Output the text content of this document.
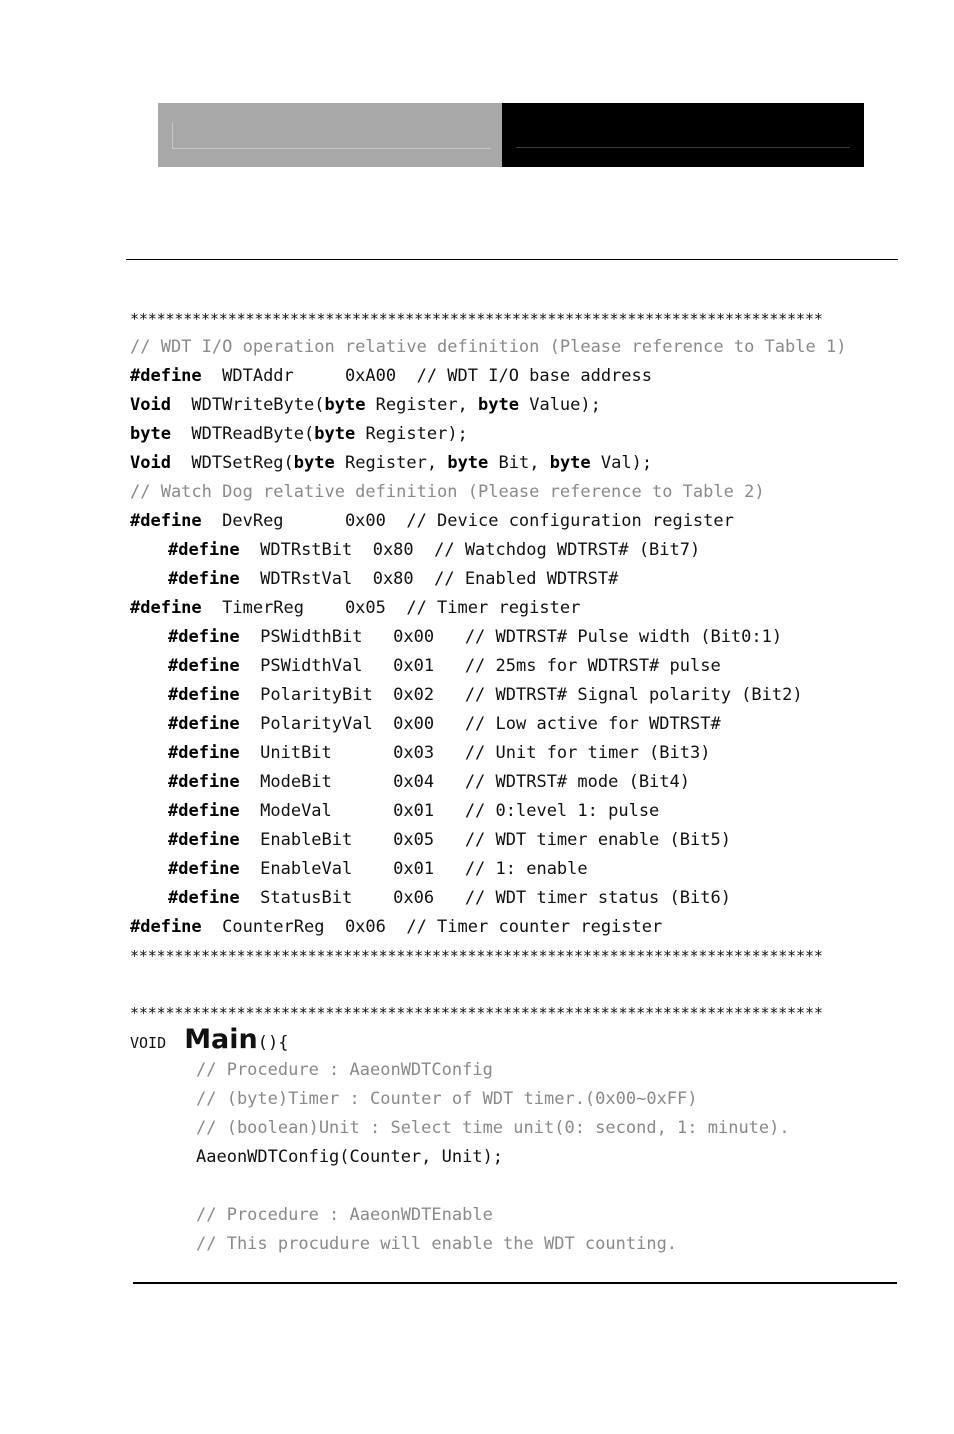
******************************************************************************
// WDT I/O operation relative definition (Please reference to Table 1)
#define  WDTAddr     0xA00  // WDT I/O base address
Void  WDTWriteByte(byte Register, byte Value);
byte  WDTReadByte(byte Register);
Void  WDTSetReg(byte Register, byte Bit, byte Val);
// Watch Dog relative definition (Please reference to Table 2)
#define  DevReg      0x00  // Device configuration register
#define  WDTRstBit  0x80  // Watchdog WDTRST# (Bit7)
#define  WDTRstVal  0x80  // Enabled WDTRST#
#define  TimerReg    0x05  // Timer register
#define  PSWidthBit   0x00   // WDTRST# Pulse width (Bit0:1)
#define  PSWidthVal   0x01   // 25ms for WDTRST# pulse
#define  PolarityBit  0x02   // WDTRST# Signal polarity (Bit2)
#define  PolarityVal  0x00   // Low active for WDTRST#
#define  UnitBit      0x03   // Unit for timer (Bit3)
#define  ModeBit      0x04   // WDTRST# mode (Bit4)
#define  ModeVal      0x01   // 0:level 1: pulse
#define  EnableBit    0x05   // WDT timer enable (Bit5)
#define  EnableVal    0x01   // 1: enable
#define  StatusBit    0x06   // WDT timer status (Bit6)
#define  CounterReg  0x06  // Timer counter register
******************************************************************************
******************************************************************************
VOID  Main(){
// Procedure : AaeonWDTConfig
// (byte)Timer : Counter of WDT timer.(0x00~0xFF)
// (boolean)Unit : Select time unit(0: second, 1: minute).
AaeonWDTConfig(Counter, Unit);
// Procedure : AaeonWDTEnable
// This procudure will enable the WDT counting.
